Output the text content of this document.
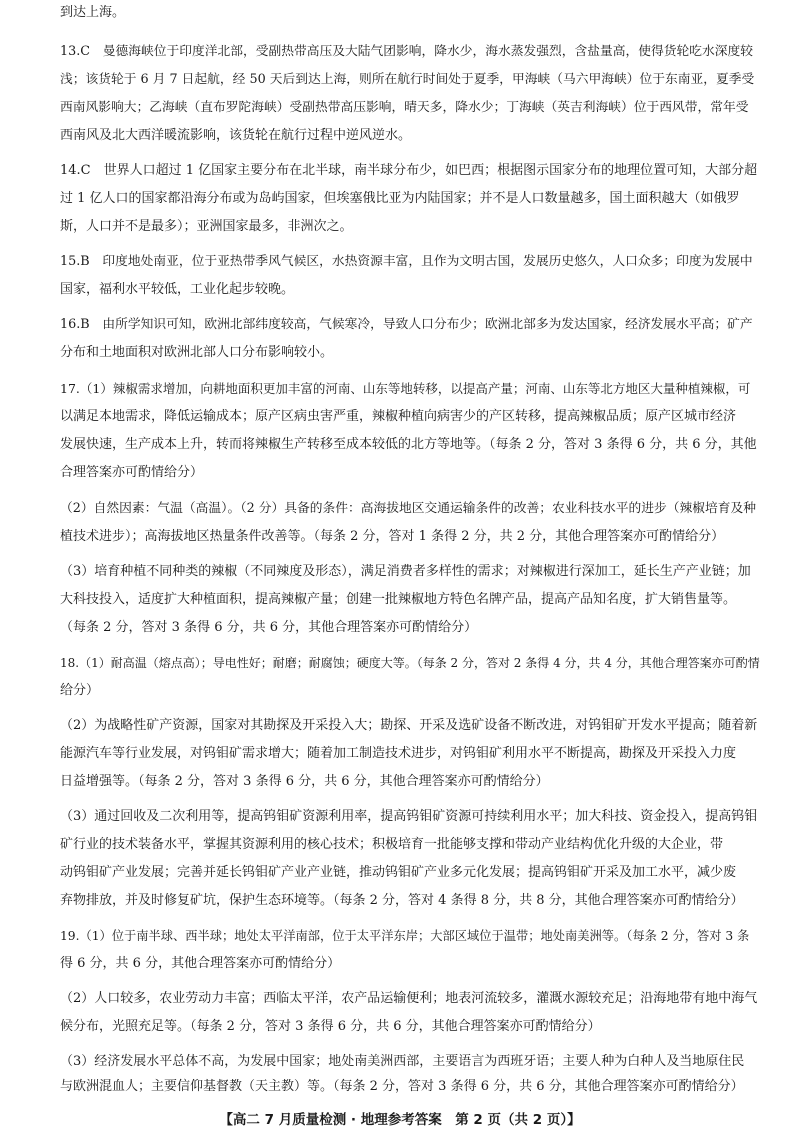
到达上海。
13.C　曼德海峡位于印度洋北部，受副热带高压及大陆气团影响，降水少，海水蒸发强烈，含盐量高，使得货轮吃水深度较
浅；该货轮于 6 月 7 日起航，经 50 天后到达上海，则所在航行时间处于夏季，甲海峡（马六甲海峡）位于东南亚，夏季受
西南风影响大；乙海峡（直布罗陀海峡）受副热带高压影响，晴天多，降水少；丁海峡（英吉利海峡）位于西风带，常年受
西南风及北大西洋暖流影响，该货轮在航行过程中逆风逆水。
14.C　世界人口超过 1 亿国家主要分布在北半球，南半球分布少，如巴西；根据图示国家分布的地理位置可知，大部分超
过 1 亿人口的国家都沿海分布或为岛屿国家，但埃塞俄比亚为内陆国家；并不是人口数量越多，国土面积越大（如俄罗
斯，人口并不是最多）；亚洲国家最多，非洲次之。
15.B　印度地处南亚，位于亚热带季风气候区，水热资源丰富，且作为文明古国，发展历史悠久，人口众多；印度为发展中
国家，福利水平较低，工业化起步较晚。
16.B　由所学知识可知，欧洲北部纬度较高，气候寒冷，导致人口分布少；欧洲北部多为发达国家，经济发展水平高；矿产
分布和土地面积对欧洲北部人口分布影响较小。
17.（1）辣椒需求增加，向耕地面积更加丰富的河南、山东等地转移，以提高产量；河南、山东等北方地区大量种植辣椒，可
以满足本地需求，降低运输成本；原产区病虫害严重，辣椒种植向病害少的产区转移，提高辣椒品质；原产区城市经济
发展快速，生产成本上升，转而将辣椒生产转移至成本较低的北方等地等。（每条 2 分，答对 3 条得 6 分，共 6 分，其他
合理答案亦可酌情给分）
（2）自然因素：气温（高温）。（2 分）具备的条件：高海拔地区交通运输条件的改善；农业科技水平的进步（辣椒培育及种
植技术进步）；高海拔地区热量条件改善等。（每条 2 分，答对 1 条得 2 分，共 2 分，其他合理答案亦可酌情给分）
（3）培育种植不同种类的辣椒（不同辣度及形态），满足消费者多样性的需求；对辣椒进行深加工，延长生产产业链；加
大科技投入，适度扩大种植面积，提高辣椒产量；创建一批辣椒地方特色名牌产品，提高产品知名度，扩大销售量等。
（每条 2 分，答对 3 条得 6 分，共 6 分，其他合理答案亦可酌情给分）
18.（1）耐高温（熔点高）；导电性好；耐磨；耐腐蚀；硬度大等。（每条 2 分，答对 2 条得 4 分，共 4 分，其他合理答案亦可酌情
给分）
（2）为战略性矿产资源，国家对其勘探及开采投入大；勘探、开采及选矿设备不断改进，对钨钼矿开发水平提高；随着新
能源汽车等行业发展，对钨钼矿需求增大；随着加工制造技术进步，对钨钼矿利用水平不断提高，勘探及开采投入力度
日益增强等。（每条 2 分，答对 3 条得 6 分，共 6 分，其他合理答案亦可酌情给分）
（3）通过回收及二次利用等，提高钨钼矿资源利用率，提高钨钼矿资源可持续利用水平；加大科技、资金投入，提高钨钼
矿行业的技术装备水平，掌握其资源利用的核心技术；积极培育一批能够支撑和带动产业结构优化升级的大企业，带
动钨钼矿产业发展；完善并延长钨钼矿产业产业链，推动钨钼矿产业多元化发展；提高钨钼矿开采及加工水平，减少废
弃物排放，并及时修复矿坑，保护生态环境等。（每条 2 分，答对 4 条得 8 分，共 8 分，其他合理答案亦可酌情给分）
19.（1）位于南半球、西半球；地处太平洋南部，位于太平洋东岸；大部区域位于温带；地处南美洲等。（每条 2 分，答对 3 条
得 6 分，共 6 分，其他合理答案亦可酌情给分）
（2）人口较多，农业劳动力丰富；西临太平洋，农产品运输便利；地表河流较多，灌溉水源较充足；沿海地带有地中海气
候分布，光照充足等。（每条 2 分，答对 3 条得 6 分，共 6 分，其他合理答案亦可酌情给分）
（3）经济发展水平总体不高，为发展中国家；地处南美洲西部，主要语言为西班牙语；主要人种为白种人及当地原住民
与欧洲混血人；主要信仰基督教（天主教）等。（每条 2 分，答对 3 条得 6 分，共 6 分，其他合理答案亦可酌情给分）
【高二 7 月质量检测 · 地理参考答案　第 2 页（共 2 页）】
